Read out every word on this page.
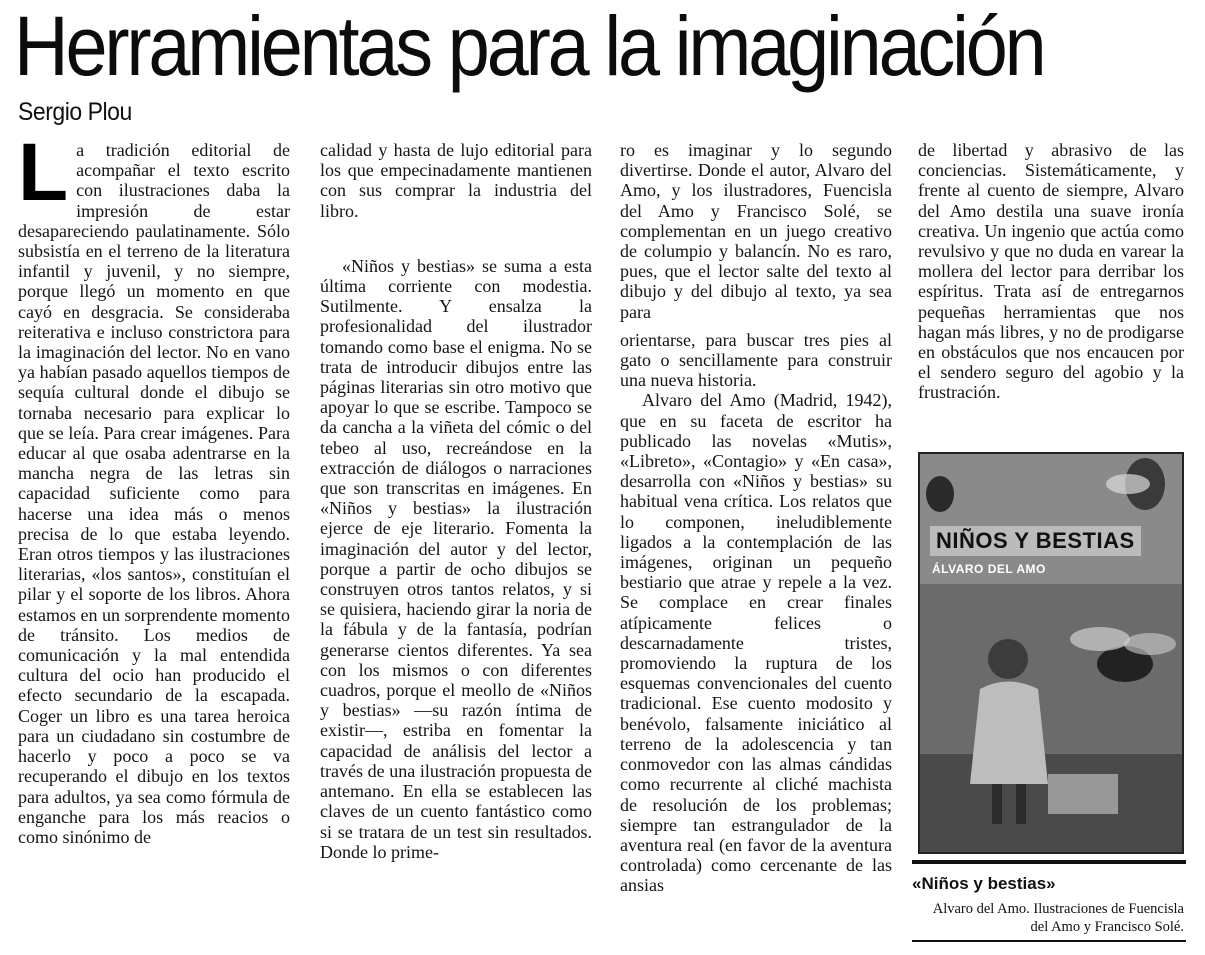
Herramientas para la imaginación
Sergio Plou

La tradición editorial de acompañar el texto escrito con ilustraciones daba la impresión de estar desapareciendo paulatinamente. Sólo subsistía en el terreno de la literatura infantil y juvenil, y no siempre, porque llegó un momento en que cayó en desgracia. Se consideraba reiterativa e incluso constrictora para la imaginación del lector. No en vano ya habían pasado aquellos tiempos de sequía cultural donde el dibujo se tornaba necesario para explicar lo que se leía. Para crear imágenes. Para educar al que osaba adentrarse en la mancha negra de las letras sin capacidad suficiente como para hacerse una idea más o menos precisa de lo que estaba leyendo. Eran otros tiempos y las ilustraciones literarias, «los santos», constituían el pilar y el soporte de los libros. Ahora estamos en un sorprendente momento de tránsito. Los medios de comunicación y la mal entendida cultura del ocio han producido el efecto secundario de la escapada. Coger un libro es una tarea heroica para un ciudadano sin costumbre de hacerlo y poco a poco se va recuperando el dibujo en los textos para adultos, ya sea como fórmula de enganche para los más reacios o como sinónimo de

calidad y hasta de lujo editorial para los que empecinadamente mantienen con sus comprar la industria del libro.

«Niños y bestias» se suma a esta última corriente con modestia. Sutilmente. Y ensalza la profesionalidad del ilustrador tomando como base el enigma. No se trata de introducir dibujos entre las páginas literarias sin otro motivo que apoyar lo que se escribe. Tampoco se da cancha a la viñeta del cómic o del tebeo al uso, recreándose en la extracción de diálogos o narraciones que son transcritas en imágenes. En «Niños y bestias» la ilustración ejerce de eje literario. Fomenta la imaginación del autor y del lector, porque a partir de ocho dibujos se construyen otros tantos relatos, y si se quisiera, haciendo girar la noria de la fábula y de la fantasía, podrían generarse cientos diferentes. Ya sea con los mismos o con diferentes cuadros, porque el meollo de «Niños y bestias» —su razón íntima de existir—, estriba en fomentar la capacidad de análisis del lector a través de una ilustración propuesta de antemano. En ella se establecen las claves de un cuento fantástico como si se tratara de un test sin resultados. Donde lo prime-

ro es imaginar y lo segundo divertirse. Donde el autor, Alvaro del Amo, y los ilustradores, Fuencisla del Amo y Francisco Solé, se complementan en un juego creativo de columpio y balancín. No es raro, pues, que el lector salte del texto al dibujo y del dibujo al texto, ya sea para

orientarse, para buscar tres pies al gato o sencillamente para construir una nueva historia.

Alvaro del Amo (Madrid, 1942), que en su faceta de escritor ha publicado las novelas «Mutis», «Libreto», «Contagio» y «En casa», desarrolla con «Niños y bestias» su habitual vena crítica. Los relatos que lo componen, ineludiblemente ligados a la contemplación de las imágenes, originan un pequeño bestiario que atrae y repele a la vez. Se complace en crear finales atípicamente felices o descarnadamente tristes, promoviendo la ruptura de los esquemas convencionales del cuento tradicional. Ese cuento modosito y benévolo, falsamente iniciático al terreno de la adolescencia y tan conmovedor con las almas cándidas como recurrente al cliché machista de resolución de los problemas; siempre tan estrangulador de la aventura real (en favor de la aventura controlada) como cercenante de las ansias

de libertad y abrasivo de las conciencias. Sistemáticamente, y frente al cuento de siempre, Alvaro del Amo destila una suave ironía creativa. Un ingenio que actúa como revulsivo y que no duda en varear la mollera del lector para derribar los espíritus. Trata así de entregarnos pequeñas herramientas que nos hagan más libres, y no de prodigarse en obstáculos que nos encaucen por el sendero seguro del agobio y la frustración.

NIÑOS Y BESTIAS
ÁLVARO DEL AMO
«Niños y bestias»
Alvaro del Amo. Ilustraciones de Fuencisla del Amo y Francisco Solé.
